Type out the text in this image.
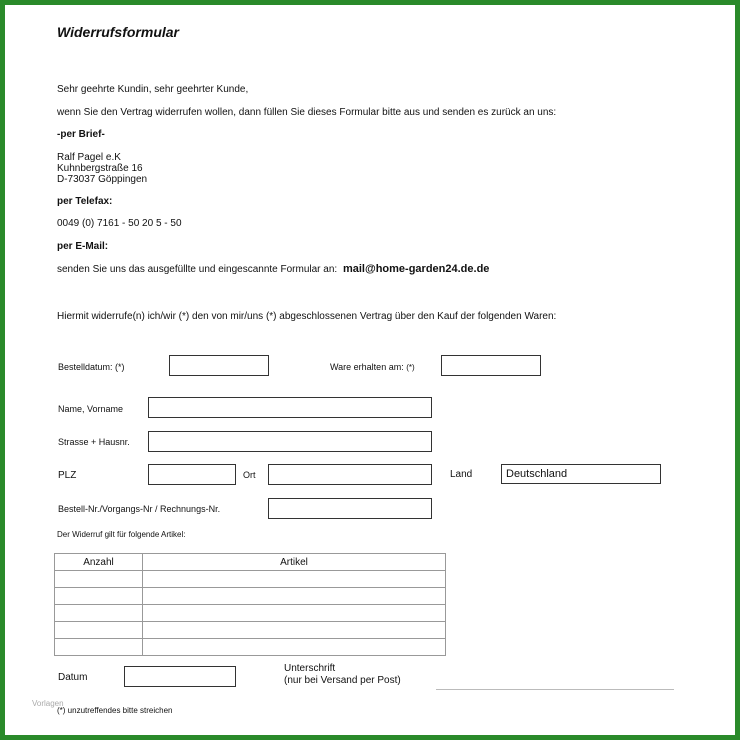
Widerrufsformular
Sehr geehrte Kundin, sehr geehrter Kunde,
wenn Sie den Vertrag widerrufen wollen, dann füllen Sie dieses Formular bitte aus und senden es zurück an uns:
-per Brief-
Ralf Pagel e.K
Kuhnbergstraße 16
D-73037 Göppingen
per Telefax:
0049 (0) 7161 - 50 20 5 - 50
per E-Mail:
senden Sie uns das ausgefüllte und eingescannte Formular an: mail@home-garden24.de.de
Hiermit widerrufe(n) ich/wir (*) den von mir/uns (*) abgeschlossenen Vertrag über den Kauf der folgenden Waren:
Bestelldatum: (*)	Ware erhalten am: (*)
Name, Vorname
Strasse + Hausnr.
PLZ	Ort	Land	Deutschland
Bestell-Nr./Vorgangs-Nr / Rechnungs-Nr.
Der Widerruf gilt für folgende Artikel:
Anzahl	Artikel

Datum
Unterschrift
(nur bei Versand per Post)
Vorlagen
(*) unzutreffendes bitte streichen
